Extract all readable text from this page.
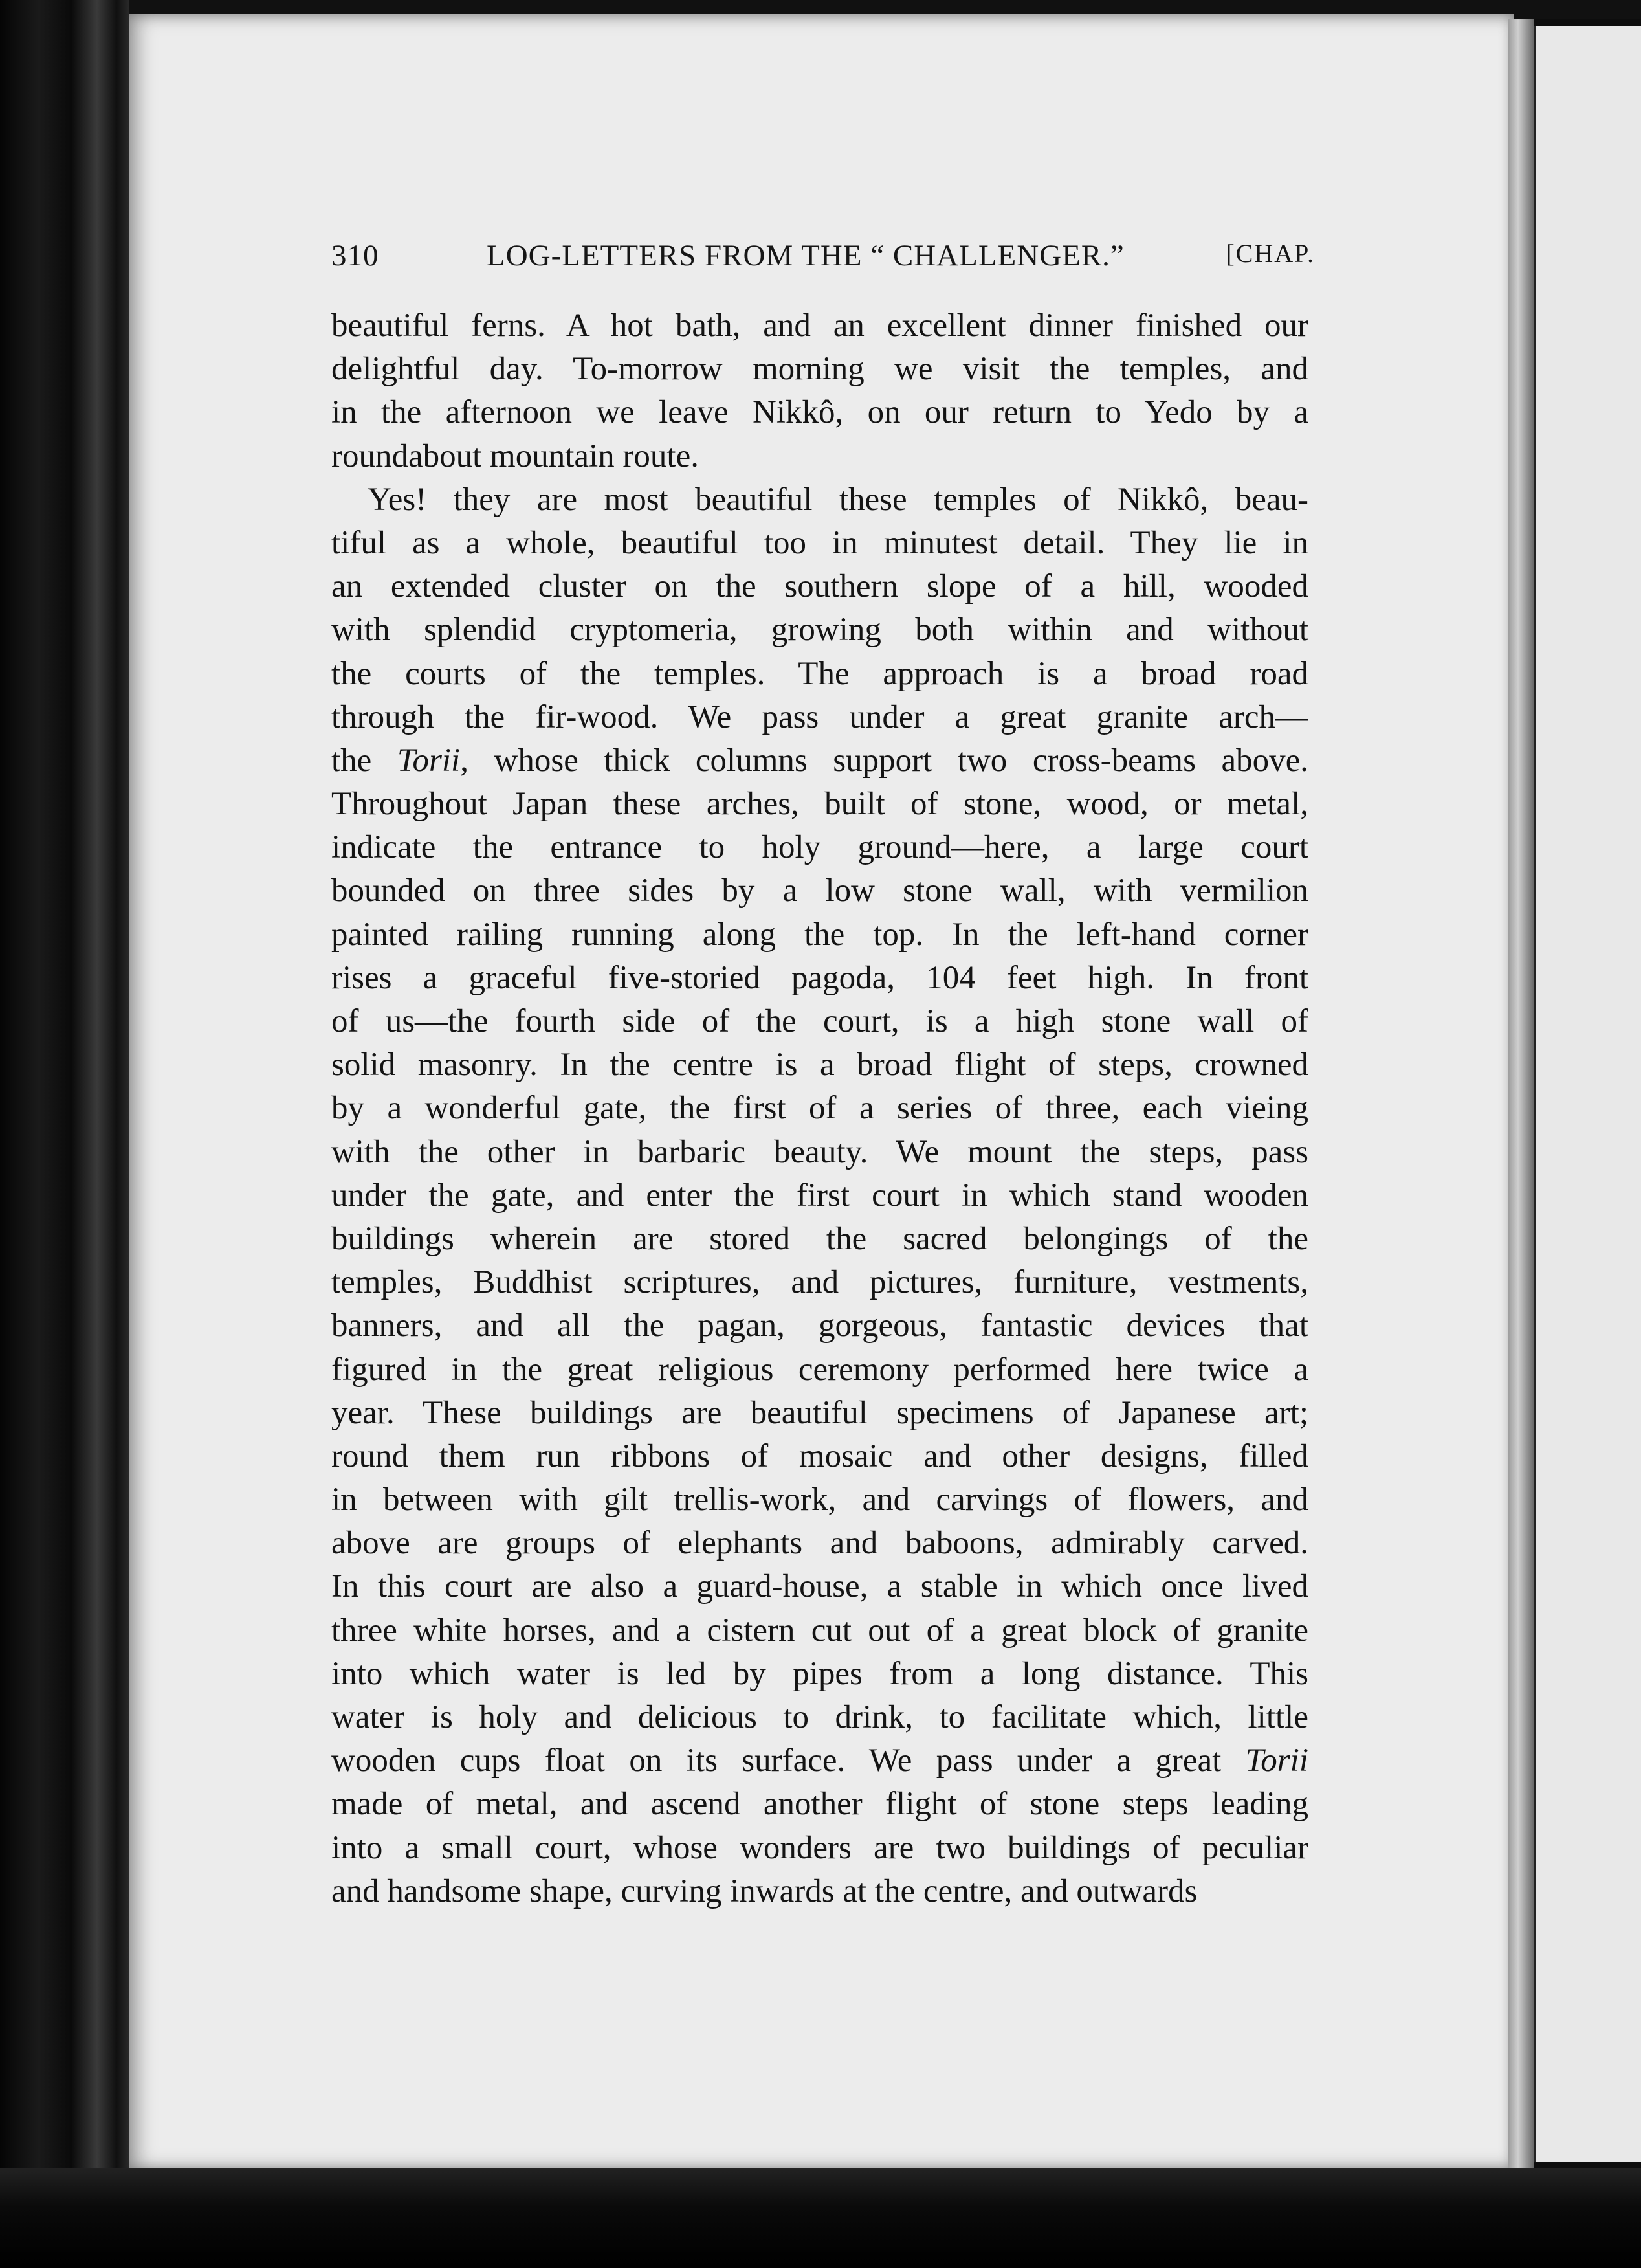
310	LOG-LETTERS FROM THE “ CHALLENGER.”	[CHAP.
beautiful ferns. A hot bath, and an excellent dinner finished our
delightful day. To-morrow morning we visit the temples, and
in the afternoon we leave Nikkô, on our return to Yedo by a
roundabout mountain route.
Yes! they are most beautiful these temples of Nikkô, beau-
tiful as a whole, beautiful too in minutest detail. They lie in
an extended cluster on the southern slope of a hill, wooded
with splendid cryptomeria, growing both within and without
the courts of the temples. The approach is a broad road
through the fir-wood. We pass under a great granite arch—
the Torii, whose thick columns support two cross-beams above.
Throughout Japan these arches, built of stone, wood, or metal,
indicate the entrance to holy ground—here, a large court
bounded on three sides by a low stone wall, with vermilion
painted railing running along the top. In the left-hand corner
rises a graceful five-storied pagoda, 104 feet high. In front
of us—the fourth side of the court, is a high stone wall of
solid masonry. In the centre is a broad flight of steps, crowned
by a wonderful gate, the first of a series of three, each vieing
with the other in barbaric beauty. We mount the steps, pass
under the gate, and enter the first court in which stand wooden
buildings wherein are stored the sacred belongings of the
temples, Buddhist scriptures, and pictures, furniture, vestments,
banners, and all the pagan, gorgeous, fantastic devices that
figured in the great religious ceremony performed here twice a
year. These buildings are beautiful specimens of Japanese art;
round them run ribbons of mosaic and other designs, filled
in between with gilt trellis-work, and carvings of flowers, and
above are groups of elephants and baboons, admirably carved.
In this court are also a guard-house, a stable in which once lived
three white horses, and a cistern cut out of a great block of granite
into which water is led by pipes from a long distance. This
water is holy and delicious to drink, to facilitate which, little
wooden cups float on its surface. We pass under a great Torii
made of metal, and ascend another flight of stone steps leading
into a small court, whose wonders are two buildings of peculiar
and handsome shape, curving inwards at the centre, and outwards
